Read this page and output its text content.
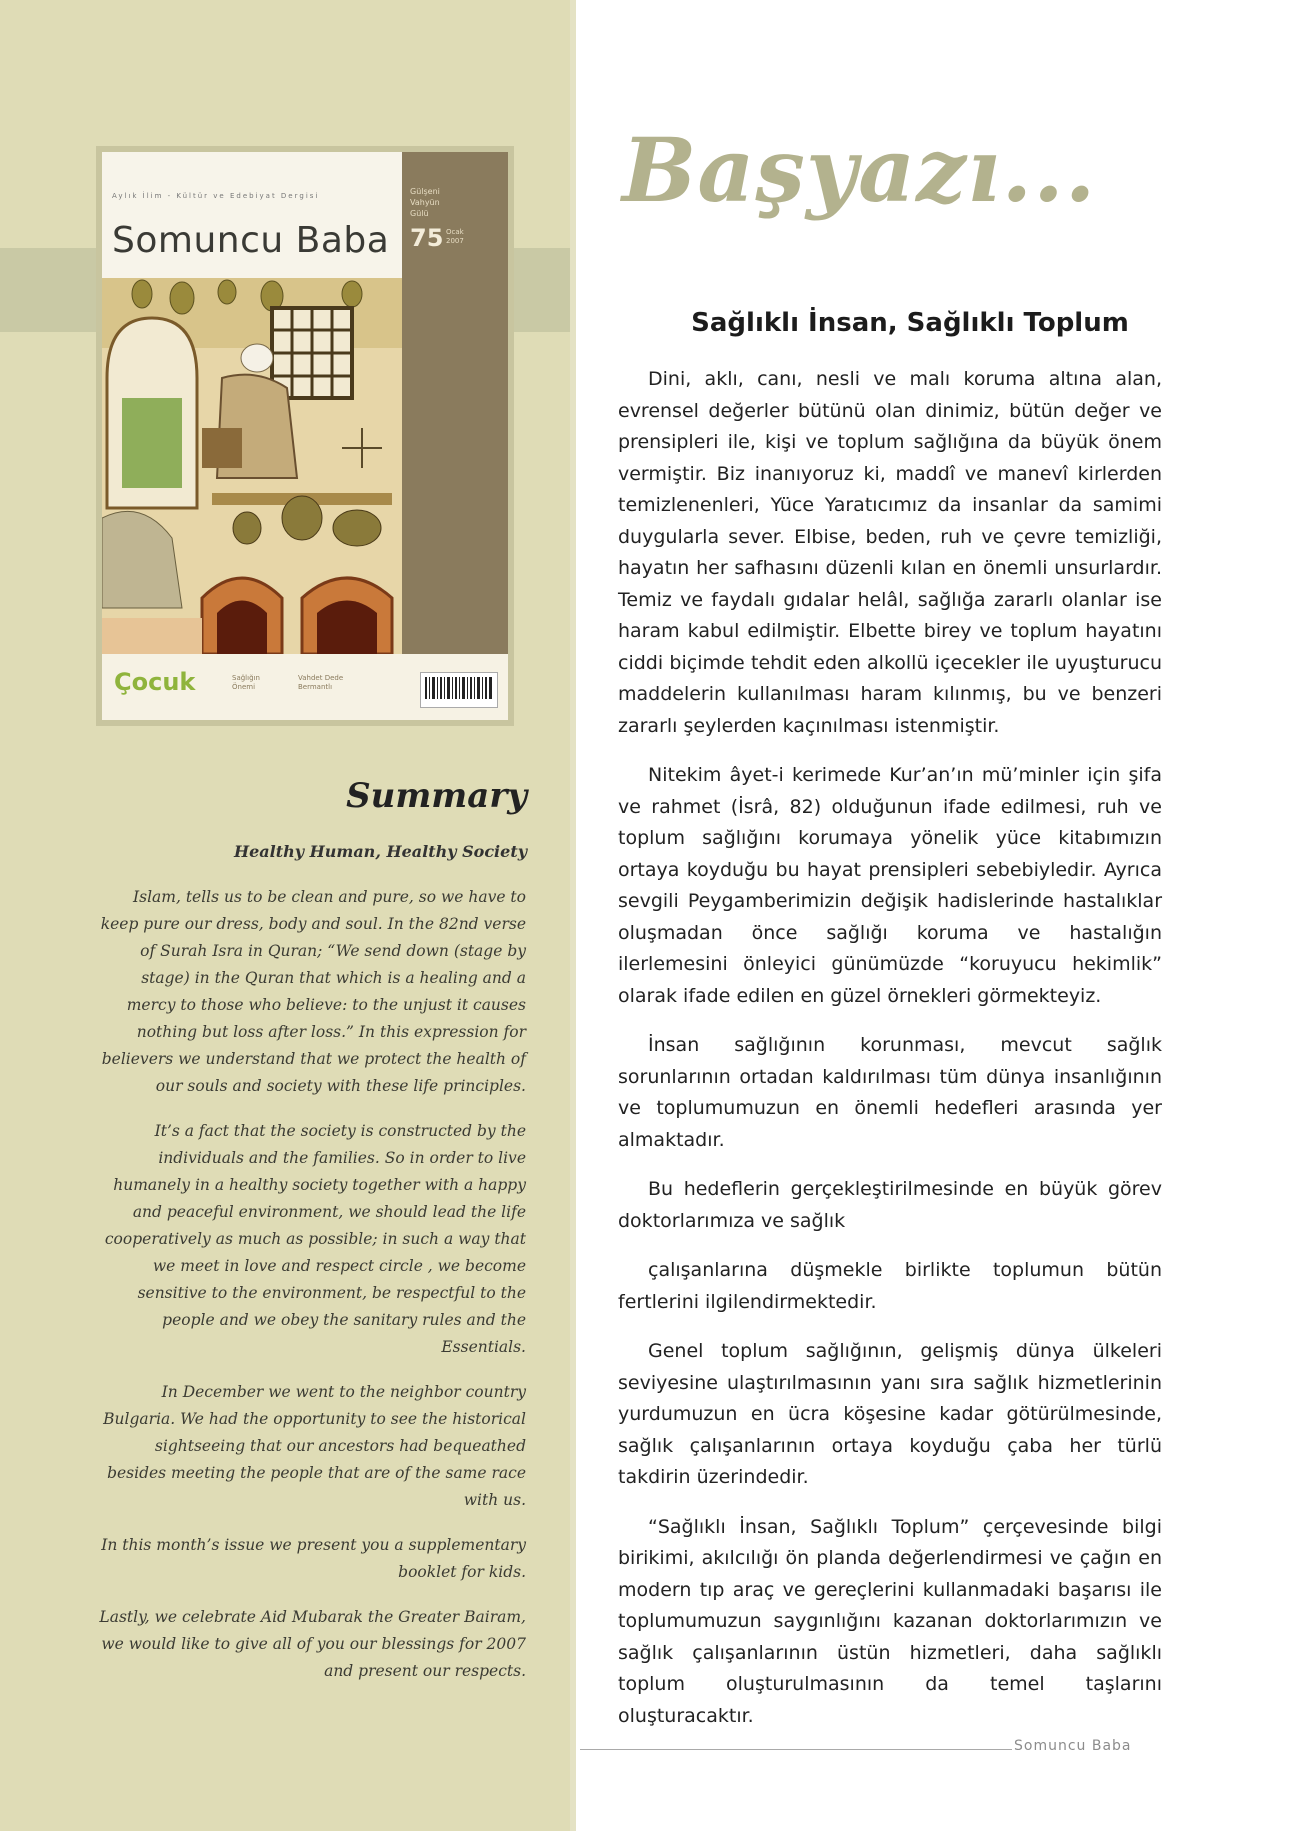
Aylık İlim - Kültür ve Edebiyat Dergisi
Somuncu Baba
Gülşeni
Vahyün
Gülü
75 Ocak
2007
Çocuk	Sağlığın
Önemi
Vahdet Dede
Bermantlı
Summary
Healthy Human, Healthy Society

Islam, tells us to be clean and pure, so we have to keep pure our dress, body and soul. In the 82nd verse of Surah Isra in Quran; “We send down (stage by stage) in the Quran that which is a healing and a mercy to those who believe: to the unjust it causes nothing but loss after loss.” In this expression for believers we understand that we protect the health of our souls and society with these life principles.

It’s a fact that the society is constructed by the individuals and the families. So in order to live humanely in a healthy society together with a happy and peaceful environment, we should lead the life cooperatively as much as possible; in such a way that we meet in love and respect circle , we become sensitive to the environment, be respectful to the people and we obey the sanitary rules and the Essentials.

In December we went to the neighbor country Bulgaria. We had the opportunity to see the historical sightseeing that our ancestors had bequeathed besides meeting the people that are of the same race with us.

In this month’s issue we present you a supplementary booklet for kids.

Lastly, we celebrate Aid Mubarak the Greater Bairam, we would like to give all of you our blessings for 2007 and present our respects.

Başyazı...
Sağlıklı İnsan, Sağlıklı Toplum

Dini, aklı, canı, nesli ve malı koruma altına alan, evrensel değerler bütünü olan dinimiz, bütün değer ve prensipleri ile, kişi ve toplum sağlığına da büyük önem vermiştir. Biz inanıyoruz ki, maddî ve manevî kirlerden temizlenenleri, Yüce Yaratıcımız da insanlar da samimi duygularla sever. Elbise, beden, ruh ve çevre temizliği, hayatın her safhasını düzenli kılan en önemli unsurlardır. Temiz ve faydalı gıdalar helâl, sağlığa zararlı olanlar ise haram kabul edilmiştir. Elbette birey ve toplum hayatını ciddi biçimde tehdit eden alkollü içecekler ile uyuşturucu maddelerin kullanılması haram kılınmış, bu ve benzeri zararlı şeylerden kaçınılması istenmiştir.

Nitekim âyet-i kerimede Kur’an’ın mü’minler için şifa ve rahmet (İsrâ, 82) olduğunun ifade edilmesi, ruh ve toplum sağlığını korumaya yönelik yüce kitabımızın ortaya koyduğu bu hayat prensipleri sebebiyledir. Ayrıca sevgili Peygamberimizin değişik hadislerinde hastalıklar oluşmadan önce sağlığı koruma ve hastalığın ilerlemesini önleyici günümüzde “koruyucu hekimlik” olarak ifade edilen en güzel örnekleri görmekteyiz.

İnsan sağlığının korunması, mevcut sağlık sorunlarının ortadan kaldırılması tüm dünya insanlığının ve toplumumuzun en önemli hedefleri arasında yer almaktadır.

Bu hedeflerin gerçekleştirilmesinde en büyük görev doktorlarımıza ve sağlık

çalışanlarına düşmekle birlikte toplumun bütün fertlerini ilgilendirmektedir.

Genel toplum sağlığının, gelişmiş dünya ülkeleri seviyesine ulaştırılmasının yanı sıra sağlık hizmetlerinin yurdumuzun en ücra köşesine kadar götürülmesinde, sağlık çalışanlarının ortaya koyduğu çaba her türlü takdirin üzerindedir.

“Sağlıklı İnsan, Sağlıklı Toplum” çerçevesinde bilgi birikimi, akılcılığı ön planda değerlendirmesi ve çağın en modern tıp araç ve gereçlerini kullanmadaki başarısı ile toplumumuzun saygınlığını kazanan doktorlarımızın ve sağlık çalışanlarının üstün hizmetleri, daha sağlıklı toplum oluşturulmasının da temel taşlarını oluşturacaktır.

Somuncu Baba
